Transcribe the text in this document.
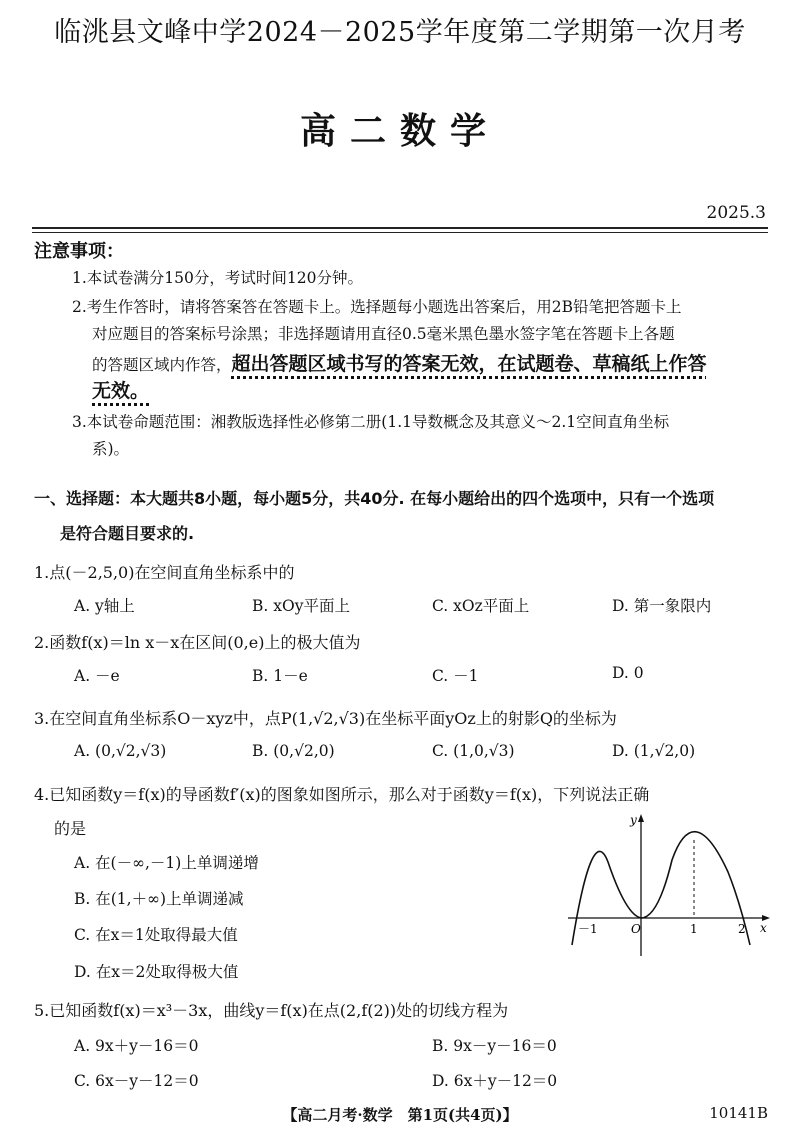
临洮县文峰中学2024－2025学年度第二学期第一次月考
高二数学
2025.3
注意事项：
1.本试卷满分150分，考试时间120分钟。
2.考生作答时，请将答案答在答题卡上。选择题每小题选出答案后，用2B铅笔把答题卡上
对应题目的答案标号涂黑；非选择题请用直径0.5毫米黑色墨水签字笔在答题卡上各题
的答题区域内作答，超出答题区域书写的答案无效，在试题卷、草稿纸上作答
无效。
3.本试卷命题范围：湘教版选择性必修第二册(1.1导数概念及其意义～2.1空间直角坐标
系)。
一、选择题：本大题共8小题，每小题5分，共40分. 在每小题给出的四个选项中，只有一个选项
是符合题目要求的.
1.点(－2,5,0)在空间直角坐标系中的
A. y轴上	B. xOy平面上	C. xOz平面上	D. 第一象限内
2.函数f(x)＝ln x－x在区间(0,e)上的极大值为
A. －e	B. 1－e	C. －1	D. 0
3.在空间直角坐标系O－xyz中，点P(1,√2,√3)在坐标平面yOz上的射影Q的坐标为
A. (0,√2,√3)	B. (0,√2,0)	C. (1,0,√3)	D. (1,√2,0)
4.已知函数y＝f(x)的导函数f′(x)的图象如图所示，那么对于函数y＝f(x)，下列说法正确
的是
A. 在(－∞,－1)上单调递增
B. 在(1,＋∞)上单调递减
C. 在x＝1处取得最大值
D. 在x＝2处取得极大值
x
y
O
－1	1	2
5.已知函数f(x)＝x³－3x，曲线y＝f(x)在点(2,f(2))处的切线方程为
A. 9x＋y－16＝0	B. 9x－y－16＝0
C. 6x－y－12＝0	D. 6x＋y－12＝0
【高二月考·数学　第1页(共4页)】	10141B
